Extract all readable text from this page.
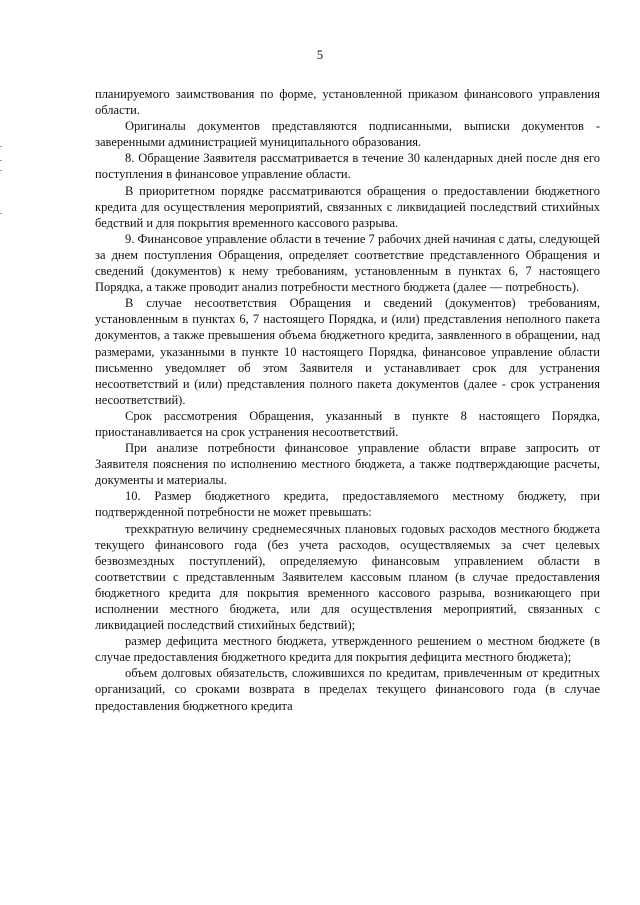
5

планируемого заимствования по форме, установленной приказом финансового управления области.

Оригиналы документов представляются подписанными, выписки документов - заверенными администрацией муниципального образования.

8. Обращение Заявителя рассматривается в течение 30 календарных дней после дня его поступления в финансовое управление области.

В приоритетном порядке рассматриваются обращения о предоставлении бюджетного кредита для осуществления мероприятий, связанных с ликвидацией последствий стихийных бедствий и для покрытия временного кассового разрыва.

9. Финансовое управление области в течение 7 рабочих дней начиная с даты, следующей за днем поступления Обращения, определяет соответствие представленного Обращения и сведений (документов) к нему требованиям, установленным в пунктах 6, 7 настоящего Порядка, а также проводит анализ потребности местного бюджета (далее — потребность).

В случае несоответствия Обращения и сведений (документов) требованиям, установленным в пунктах 6, 7 настоящего Порядка, и (или) представления неполного пакета документов, а также превышения объема бюджетного кредита, заявленного в обращении, над размерами, указанными в пункте 10 настоящего Порядка, финансовое управление области письменно уведомляет об этом Заявителя и устанавливает срок для устранения несоответствий и (или) представления полного пакета документов (далее - срок устранения несоответствий).

Срок рассмотрения Обращения, указанный в пункте 8 настоящего Порядка, приостанавливается на срок устранения несоответствий.

При анализе потребности финансовое управление области вправе запросить от Заявителя пояснения по исполнению местного бюджета, а также подтверждающие расчеты, документы и материалы.

10. Размер бюджетного кредита, предоставляемого местному бюджету, при подтвержденной потребности не может превышать:

трехкратную величину среднемесячных плановых годовых расходов местного бюджета текущего финансового года (без учета расходов, осуществляемых за счет целевых безвозмездных поступлений), определяемую финансовым управлением области в соответствии с представленным Заявителем кассовым планом (в случае предоставления бюджетного кредита для покрытия временного кассового разрыва, возникающего при исполнении местного бюджета, или для осуществления мероприятий, связанных с ликвидацией последствий стихийных бедствий);

размер дефицита местного бюджета, утвержденного решением о местном бюджете (в случае предоставления бюджетного кредита для покрытия дефицита местного бюджета);

объем долговых обязательств, сложившихся по кредитам, привлеченным от кредитных организаций, со сроками возврата в пределах текущего финансового года (в случае предоставления бюджетного кредита
